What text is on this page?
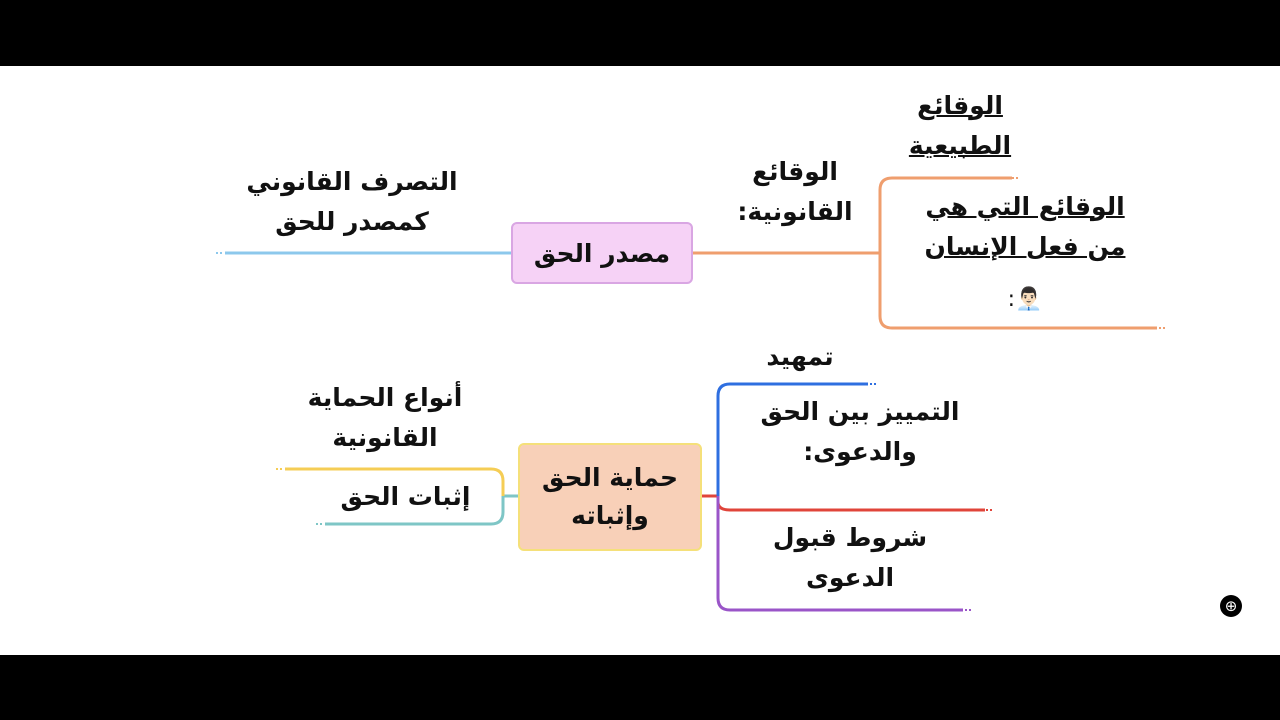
مصدر الحق
حماية الحق
وإثباته
التصرف القانوني
كمصدر للحق
الوقائع
القانونية:
الوقائع
الطبيعية
الوقائع التي هي
من فعل الإنسان
👨🏻‍💼:
أنواع الحماية
القانونية
إثبات الحق
تمهيد
التمييز بين الحق
والدعوى:
شروط قبول
الدعوى
⊕
